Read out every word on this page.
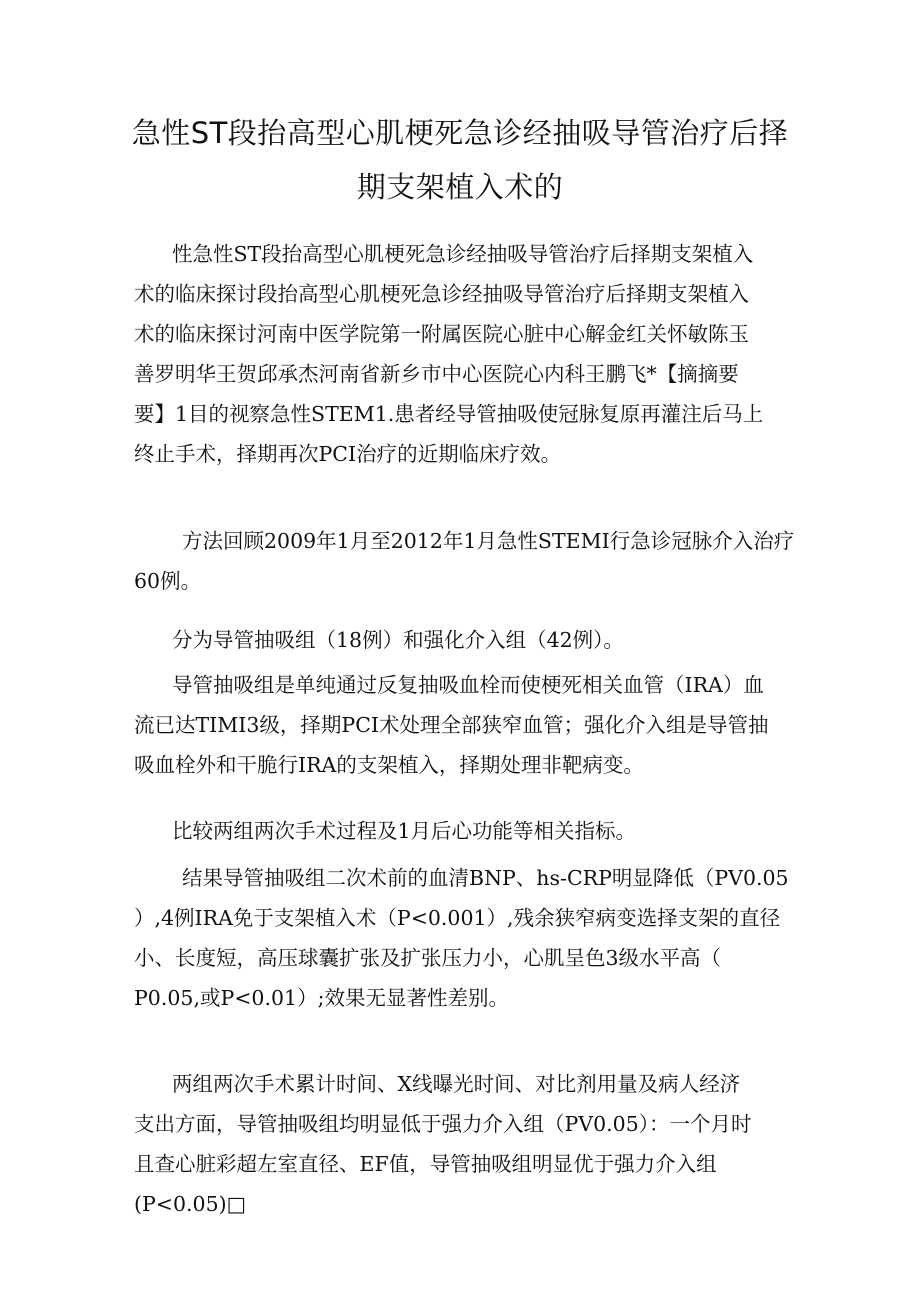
急性ST段抬高型心肌梗死急诊经抽吸导管治疗后择
期支架植入术的
性急性ST段抬高型心肌梗死急诊经抽吸导管治疗后择期支架植入
术的临床探讨段抬高型心肌梗死急诊经抽吸导管治疗后择期支架植入
术的临床探讨河南中医学院第一附属医院心脏中心解金红关怀敏陈玉
善罗明华王贺邱承杰河南省新乡市中心医院心内科王鹏飞*【摘摘要
要】1目的视察急性STEM1.患者经导管抽吸使冠脉复原再灌注后马上
终止手术，择期再次PCI治疗的近期临床疗效。
方法回顾2009年1月至2012年1月急性STEMI行急诊冠脉介入治疗
60例。
分为导管抽吸组（18例）和强化介入组（42例）。
导管抽吸组是单纯通过反复抽吸血栓而使梗死相关血管（IRA）血
流已达TIMI3级，择期PCI术处理全部狭窄血管；强化介入组是导管抽
吸血栓外和干脆行IRA的支架植入，择期处理非靶病变。
比较两组两次手术过程及1月后心功能等相关指标。
结果导管抽吸组二次术前的血清BNP、hs-CRP明显降低（PV0.05
）,4例IRA免于支架植入术（P<0.001）,残余狭窄病变选择支架的直径
小、长度短，高压球囊扩张及扩张压力小，心肌呈色3级水平高（
P0.05,或P<0.01）;效果无显著性差别。
两组两次手术累计时间、X线曝光时间、对比剂用量及病人经济
支出方面，导管抽吸组均明显低于强力介入组（PV0.05）：一个月时
且查心脏彩超左室直径、EF值，导管抽吸组明显优于强力介入组
(P<0.05)□
